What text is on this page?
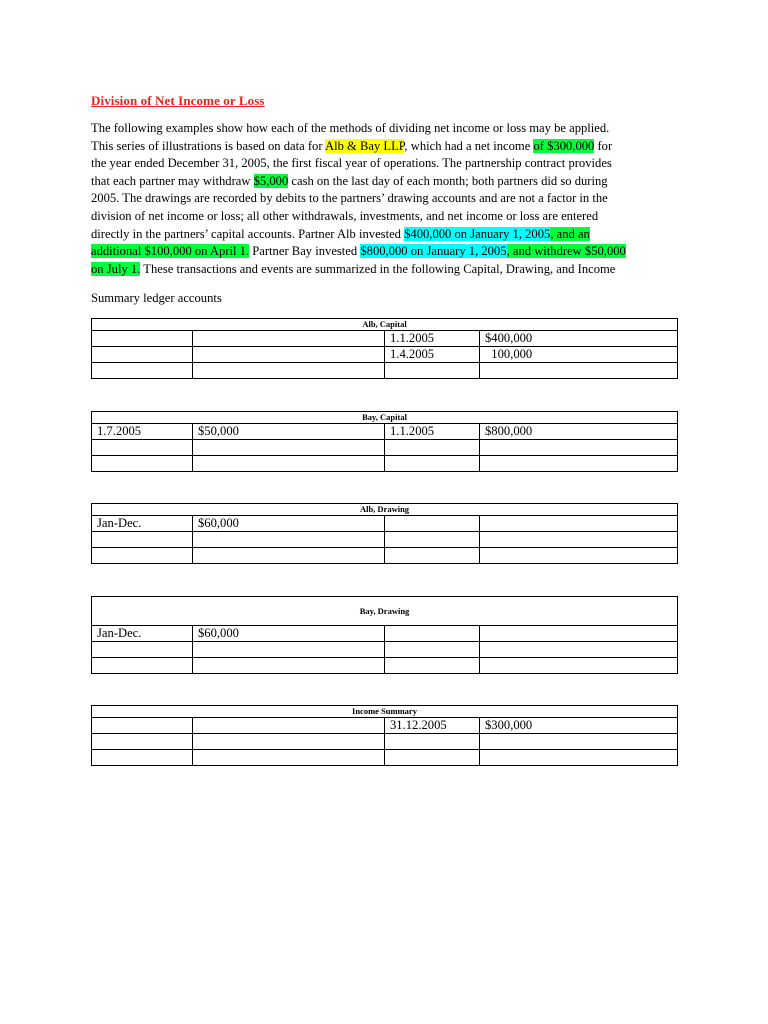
Division of Net Income or Loss
The following examples show how each of the methods of dividing net income or loss may be applied.
This series of illustrations is based on data for Alb & Bay LLP, which had a net income of $300,000 for
the year ended December 31, 2005, the first fiscal year of operations. The partnership contract provides
that each partner may withdraw $5,000 cash on the last day of each month; both partners did so during
2005. The drawings are recorded by debits to the partners’ drawing accounts and are not a factor in the
division of net income or loss; all other withdrawals, investments, and net income or loss are entered
directly in the partners’ capital accounts. Partner Alb invested $400,000 on January 1, 2005, and an
additional $100,000 on April 1. Partner Bay invested $800,000 on January 1, 2005, and withdrew $50,000
on July 1. These transactions and events are summarized in the following Capital, Drawing, and Income
Summary ledger accounts
Alb, Capital			
		1.1.2005	$400,000
		1.4.2005	100,000

Bay, Capital			
1.7.2005	$50,000	1.1.2005	$800,000

Alb, Drawing			
Jan-Dec.	$60,000		

Bay, Drawing			
Jan-Dec.	$60,000		

Income Summary			
		31.12.2005	$300,000
